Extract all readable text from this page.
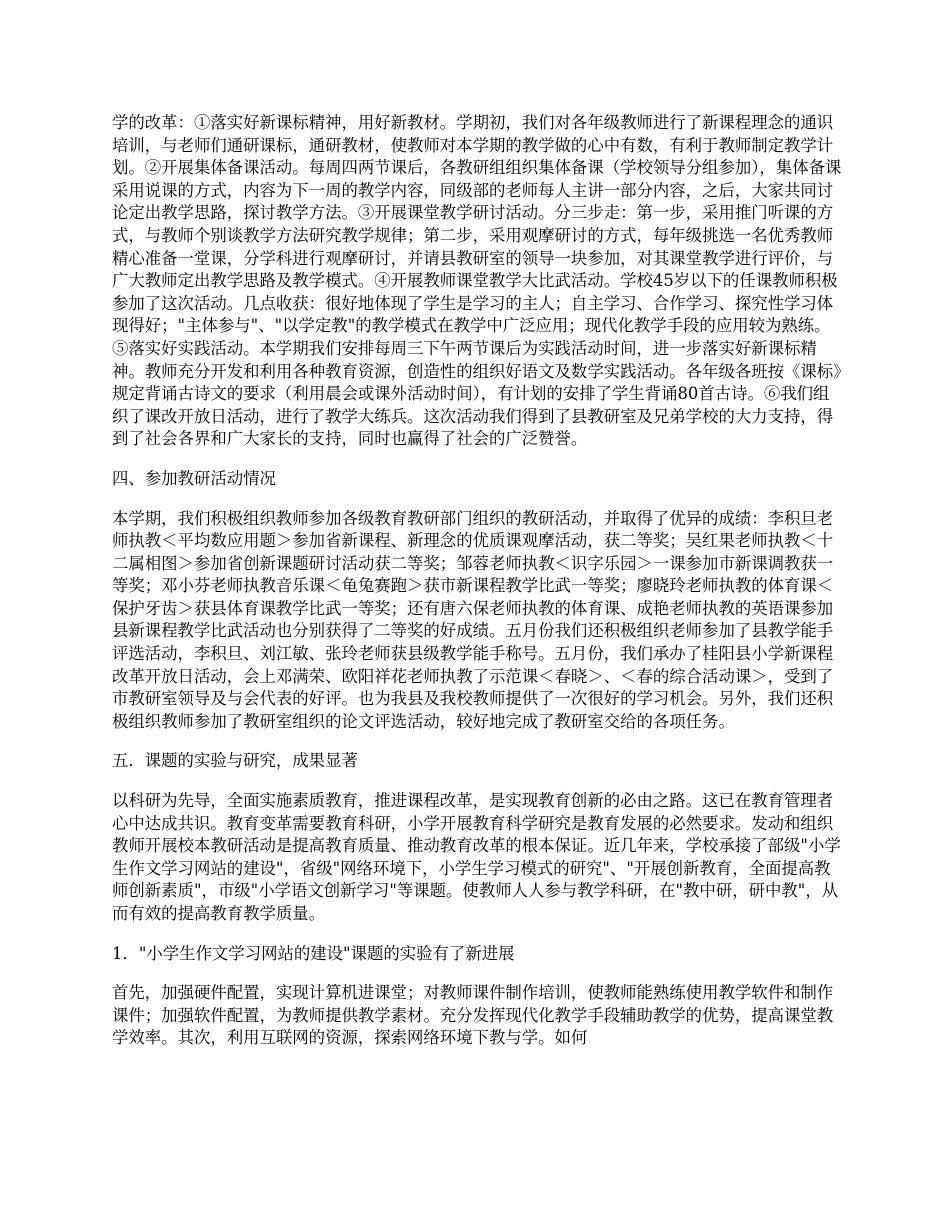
学的改革：①落实好新课标精神，用好新教材。学期初，我们对各年级教师进行了新课程理念的通识培训，与老师们通研课标，通研教材，使教师对本学期的教学做的心中有数，有利于教师制定教学计划。②开展集体备课活动。每周四两节课后，各教研组组织集体备课（学校领导分组参加），集体备课采用说课的方式，内容为下一周的教学内容，同级部的老师每人主讲一部分内容，之后，大家共同讨论定出教学思路，探讨教学方法。③开展课堂教学研讨活动。分三步走：第一步，采用推门听课的方式，与教师个别谈教学方法研究教学规律；第二步，采用观摩研讨的方式，每年级挑选一名优秀教师精心准备一堂课，分学科进行观摩研讨，并请县教研室的领导一块参加，对其课堂教学进行评价，与广大教师定出教学思路及教学模式。④开展教师课堂教学大比武活动。学校45岁以下的任课教师积极参加了这次活动。几点收获：很好地体现了学生是学习的主人；自主学习、合作学习、探究性学习体现得好；"主体参与"、"以学定教"的教学模式在教学中广泛应用；现代化教学手段的应用较为熟练。⑤落实好实践活动。本学期我们安排每周三下午两节课后为实践活动时间，进一步落实好新课标精神。教师充分开发和利用各种教育资源，创造性的组织好语文及数学实践活动。各年级各班按《课标》规定背诵古诗文的要求（利用晨会或课外活动时间），有计划的安排了学生背诵80首古诗。⑥我们组织了课改开放日活动，进行了教学大练兵。这次活动我们得到了县教研室及兄弟学校的大力支持，得到了社会各界和广大家长的支持，同时也赢得了社会的广泛赞誉。

四、参加教研活动情况

本学期，我们积极组织教师参加各级教育教研部门组织的教研活动，并取得了优异的成绩：李积旦老师执教＜平均数应用题＞参加省新课程、新理念的优质课观摩活动，获二等奖；吴红果老师执教＜十二属相图＞参加省创新课题研讨活动获二等奖；邹蓉老师执教＜识字乐园＞一课参加市新课调教获一等奖；邓小芬老师执教音乐课＜龟兔赛跑＞获市新课程教学比武一等奖；廖晓玲老师执教的体育课＜保护牙齿＞获县体育课教学比武一等奖；还有唐六保老师执教的体育课、成艳老师执教的英语课参加县新课程教学比武活动也分别获得了二等奖的好成绩。五月份我们还积极组织老师参加了县教学能手评选活动，李积旦、刘江敏、张玲老师获县级教学能手称号。五月份，我们承办了桂阳县小学新课程改革开放日活动，会上邓满荣、欧阳祥花老师执教了示范课＜春晓＞、＜春的综合活动课＞，受到了市教研室领导及与会代表的好评。也为我县及我校教师提供了一次很好的学习机会。另外，我们还积极组织教师参加了教研室组织的论文评选活动，较好地完成了教研室交给的各项任务。

五．课题的实验与研究，成果显著

以科研为先导，全面实施素质教育，推进课程改革，是实现教育创新的必由之路。这已在教育管理者心中达成共识。教育变革需要教育科研，小学开展教育科学研究是教育发展的必然要求。发动和组织教师开展校本教研活动是提高教育质量、推动教育改革的根本保证。近几年来，学校承接了部级"小学生作文学习网站的建设"，省级"网络环境下，小学生学习模式的研究"、"开展创新教育，全面提高教师创新素质"，市级"小学语文创新学习"等课题。使教师人人参与教学科研，在"教中研，研中教"，从而有效的提高教育教学质量。

1．"小学生作文学习网站的建设"课题的实验有了新进展

首先，加强硬件配置，实现计算机进课堂；对教师课件制作培训，使教师能熟练使用教学软件和制作课件；加强软件配置，为教师提供教学素材。充分发挥现代化教学手段辅助教学的优势，提高课堂教学效率。其次，利用互联网的资源，探索网络环境下教与学。如何
